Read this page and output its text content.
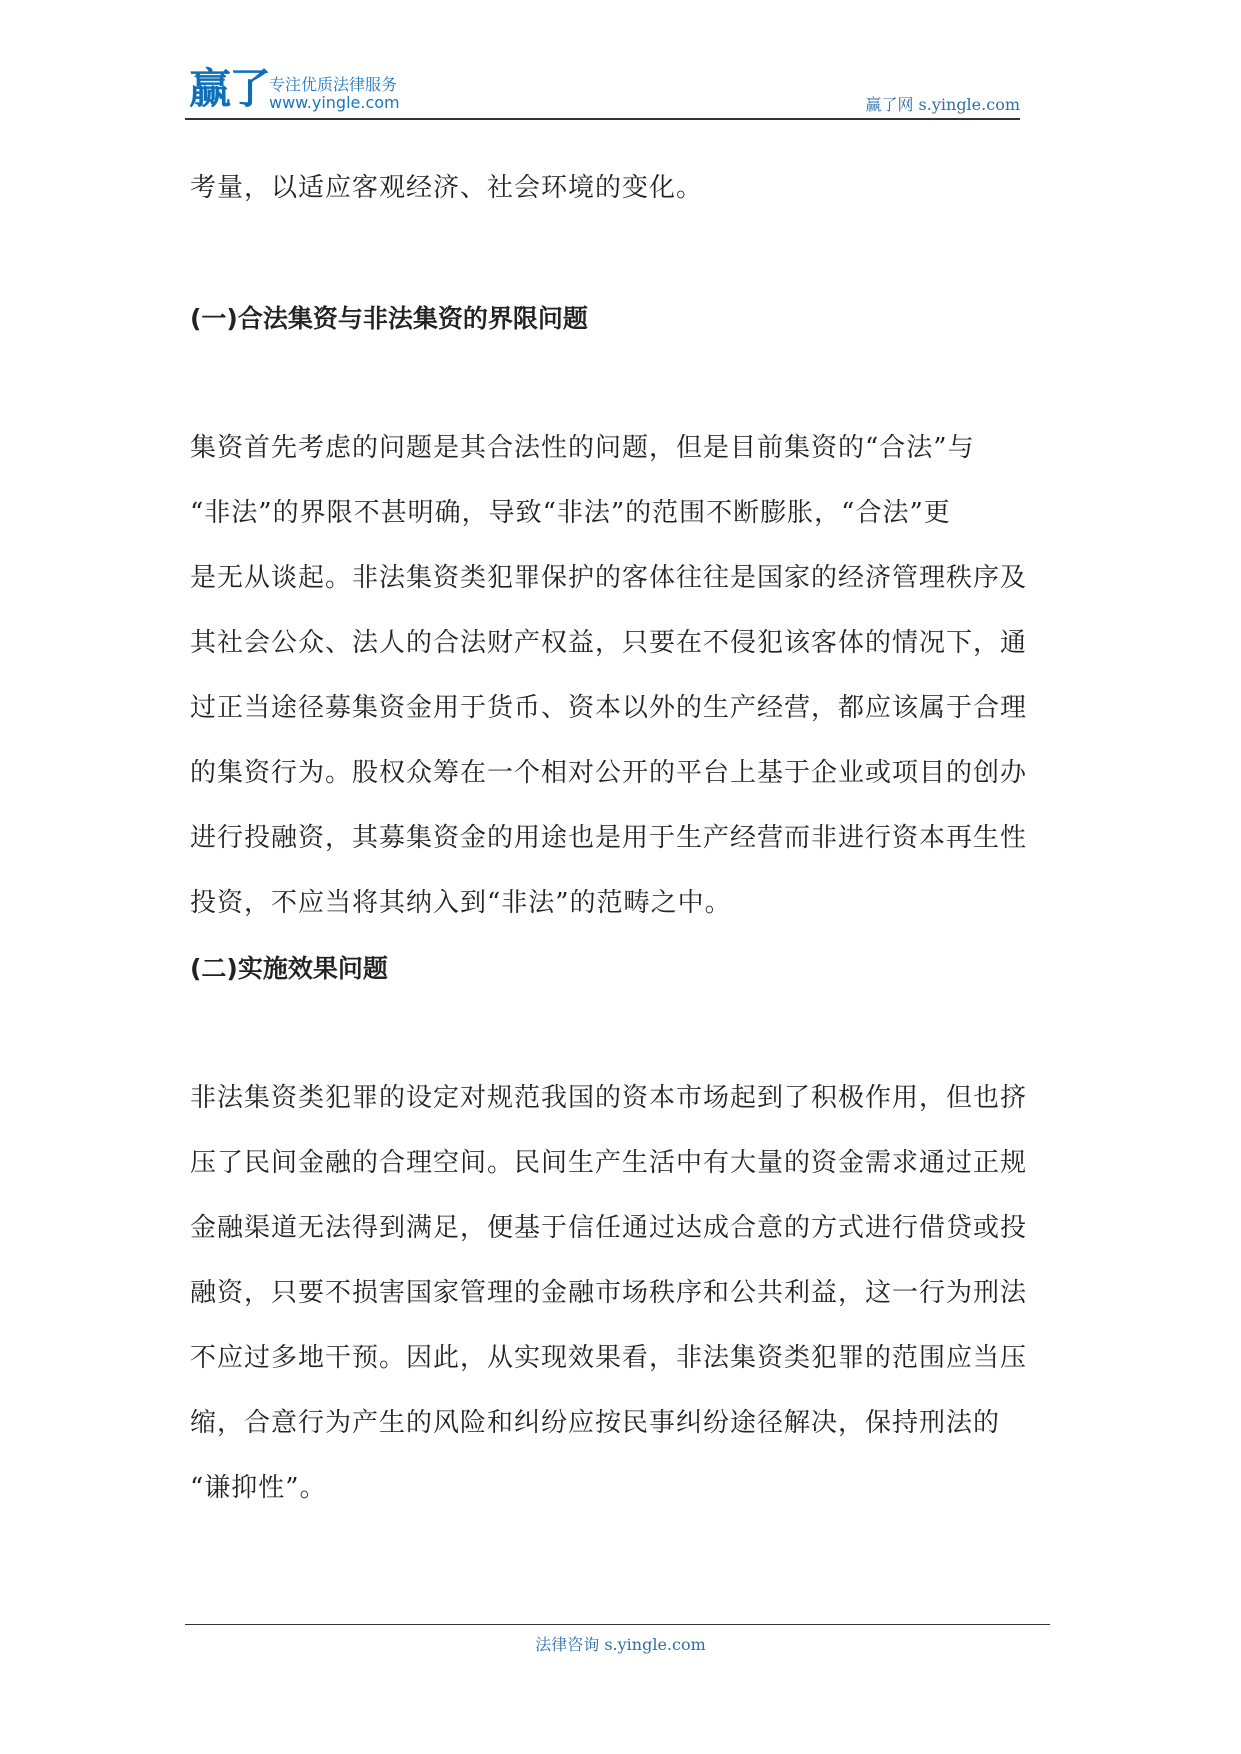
赢了 专注优质法律服务
www.yingle.com	赢了网 s.yingle.com

考量，以适应客观经济、社会环境的变化。

(一)合法集资与非法集资的界限问题

集资首先考虑的问题是其合法性的问题，但是目前集资的“合法”与

“非法”的界限不甚明确，导致“非法”的范围不断膨胀，“合法”更

是无从谈起。非法集资类犯罪保护的客体往往是国家的经济管理秩序及

其社会公众、法人的合法财产权益，只要在不侵犯该客体的情况下，通

过正当途径募集资金用于货币、资本以外的生产经营，都应该属于合理

的集资行为。股权众筹在一个相对公开的平台上基于企业或项目的创办

进行投融资，其募集资金的用途也是用于生产经营而非进行资本再生性

投资，不应当将其纳入到“非法”的范畴之中。

(二)实施效果问题

非法集资类犯罪的设定对规范我国的资本市场起到了积极作用，但也挤

压了民间金融的合理空间。民间生产生活中有大量的资金需求通过正规

金融渠道无法得到满足，便基于信任通过达成合意的方式进行借贷或投

融资，只要不损害国家管理的金融市场秩序和公共利益，这一行为刑法

不应过多地干预。因此，从实现效果看，非法集资类犯罪的范围应当压

缩，合意行为产生的风险和纠纷应按民事纠纷途径解决，保持刑法的

“谦抑性”。

法律咨询 s.yingle.com
